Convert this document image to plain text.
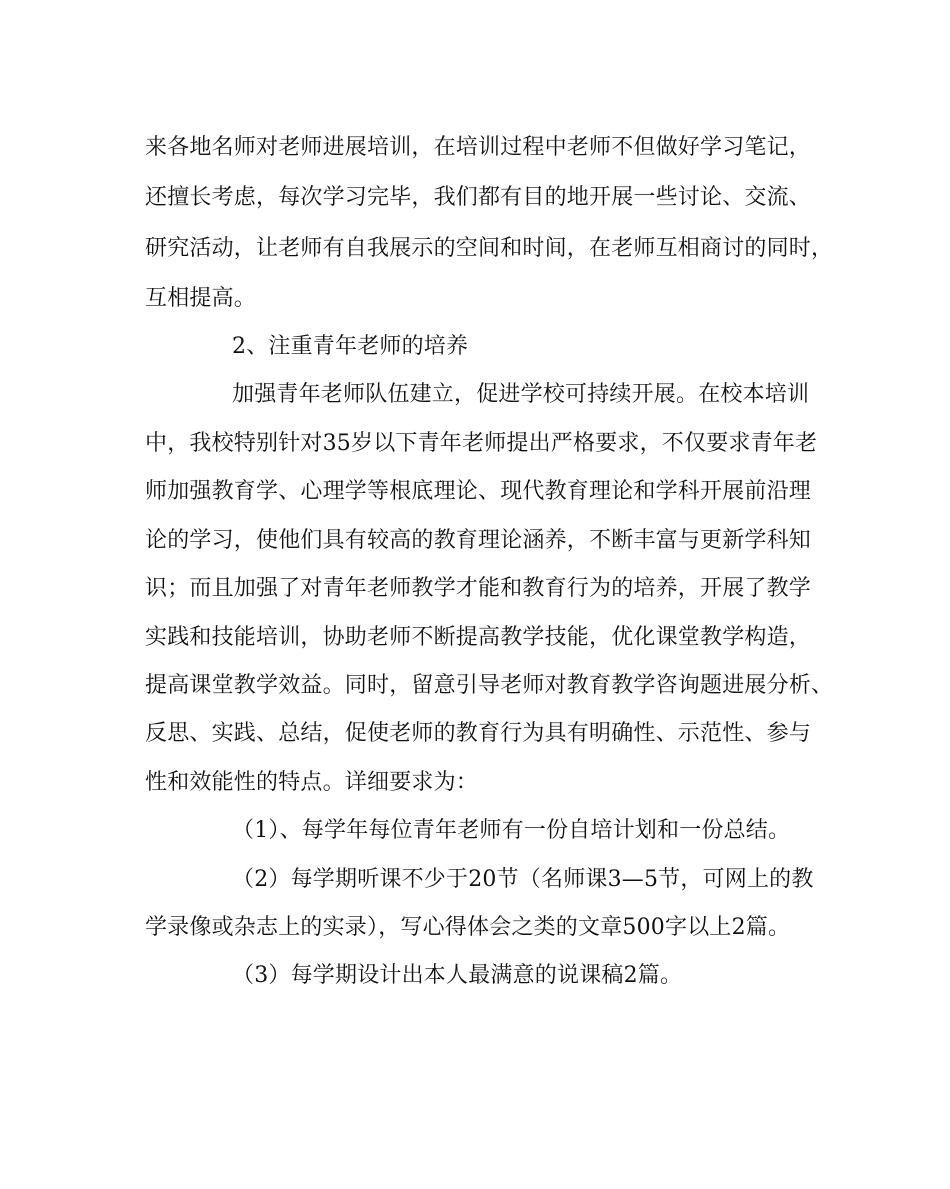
来各地名师对老师进展培训，在培训过程中老师不但做好学习笔记，
还擅长考虑，每次学习完毕，我们都有目的地开展一些讨论、交流、
研究活动，让老师有自我展示的空间和时间，在老师互相商讨的同时，
互相提高。
2、注重青年老师的培养
加强青年老师队伍建立，促进学校可持续开展。在校本培训
中，我校特别针对35岁以下青年老师提出严格要求，不仅要求青年老
师加强教育学、心理学等根底理论、现代教育理论和学科开展前沿理
论的学习，使他们具有较高的教育理论涵养，不断丰富与更新学科知
识；而且加强了对青年老师教学才能和教育行为的培养，开展了教学
实践和技能培训，协助老师不断提高教学技能，优化课堂教学构造，
提高课堂教学效益。同时，留意引导老师对教育教学咨询题进展分析、
反思、实践、总结，促使老师的教育行为具有明确性、示范性、参与
性和效能性的特点。详细要求为：
（1）、每学年每位青年老师有一份自培计划和一份总结。
（2）每学期听课不少于20节（名师课3—5节，可网上的教
学录像或杂志上的实录），写心得体会之类的文章500字以上2篇。
（3）每学期设计出本人最满意的说课稿2篇。
